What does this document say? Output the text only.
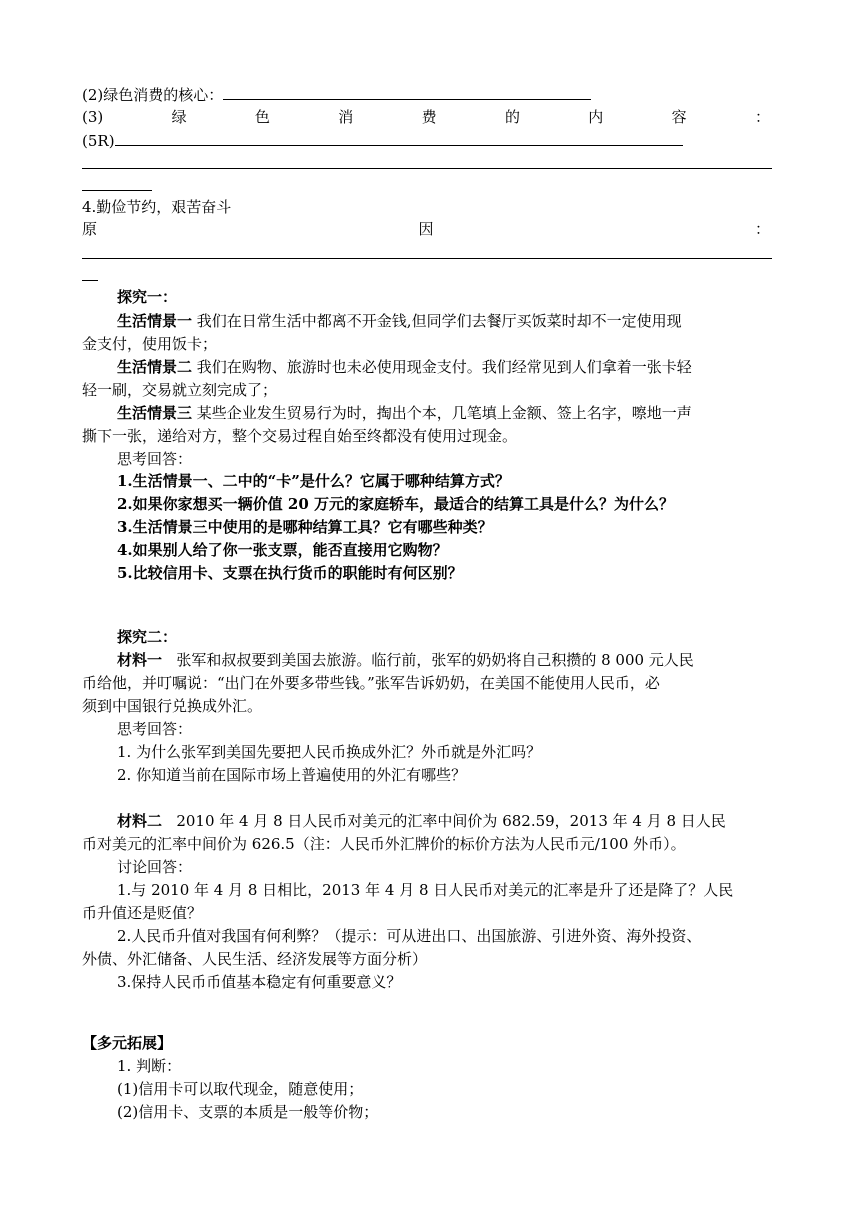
(2)绿色消费的核心：
(3)	绿	色	消	费	的	内	容	：
(5R)
4.勤俭节约，艰苦奋斗
原	因	：
探究一：
生活情景一 我们在日常生活中都离不开金钱,但同学们去餐厅买饭菜时却不一定使用现
金支付，使用饭卡；
生活情景二 我们在购物、旅游时也未必使用现金支付。我们经常见到人们拿着一张卡轻
轻一刷，交易就立刻完成了；
生活情景三 某些企业发生贸易行为时，掏出个本，几笔填上金额、签上名字，嚓地一声
撕下一张，递给对方，整个交易过程自始至终都没有使用过现金。
思考回答：
1.生活情景一、二中的“卡”是什么？它属于哪种结算方式？
2.如果你家想买一辆价值 20 万元的家庭轿车，最适合的结算工具是什么？为什么？
3.生活情景三中使用的是哪种结算工具？它有哪些种类？
4.如果别人给了你一张支票，能否直接用它购物？
5.比较信用卡、支票在执行货币的职能时有何区别？
探究二：
材料一 张军和叔叔要到美国去旅游。临行前，张军的奶奶将自己积攒的 8 000 元人民
币给他，并叮嘱说：“出门在外要多带些钱。”张军告诉奶奶，在美国不能使用人民币，必
须到中国银行兑换成外汇。
思考回答：
1. 为什么张军到美国先要把人民币换成外汇？外币就是外汇吗？
2. 你知道当前在国际市场上普遍使用的外汇有哪些？
材料二 2010 年 4 月 8 日人民币对美元的汇率中间价为 682.59，2013 年 4 月 8 日人民
币对美元的汇率中间价为 626.5（注：人民币外汇牌价的标价方法为人民币元/100 外币）。
讨论回答：
1.与 2010 年 4 月 8 日相比，2013 年 4 月 8 日人民币对美元的汇率是升了还是降了？人民
币升值还是贬值？
2.人民币升值对我国有何利弊？（提示：可从进出口、出国旅游、引进外资、海外投资、
外债、外汇储备、人民生活、经济发展等方面分析）
3.保持人民币币值基本稳定有何重要意义？
【多元拓展】
1. 判断：
(1)信用卡可以取代现金，随意使用；
(2)信用卡、支票的本质是一般等价物；
